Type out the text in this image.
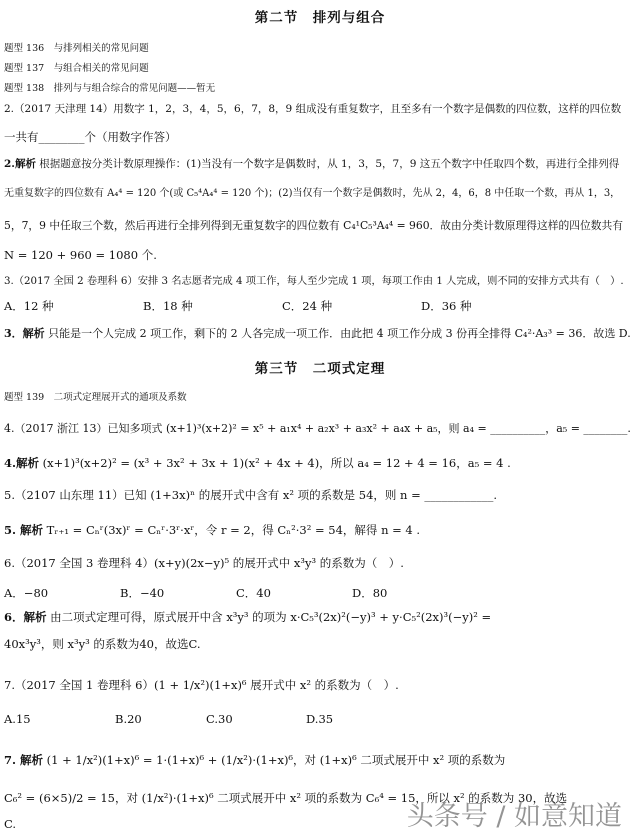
第二节　排列与组合
题型 136　与排列相关的常见问题
题型 137　与组合相关的常见问题
题型 138　排列与与组合综合的常见问题——暂无
2.（2017 天津理 14）用数字 1，2，3，4，5，6，7，8，9 组成没有重复数字，且至多有一个数字是偶数的四位数，这样的四位数
一共有________个（用数字作答）
2.解析 根据题意按分类计数原理操作：(1)当没有一个数字是偶数时，从 1，3，5，7，9 这五个数字中任取四个数，再进行全排列得
无重复数字的四位数有 A₄⁴ = 120 个(或 C₅⁴A₄⁴ = 120 个)；(2)当仅有一个数字是偶数时，先从 2，4，6，8 中任取一个数，再从 1，3，
5，7，9 中任取三个数，然后再进行全排列得到无重复数字的四位数有 C₄¹C₅³A₄⁴ = 960．故由分类计数原理得这样的四位数共有
N = 120 + 960 = 1080 个.
3.（2017 全国 2 卷理科 6）安排 3 名志愿者完成 4 项工作，每人至少完成 1 项，每项工作由 1 人完成，则不同的安排方式共有（　）.
A．12 种	B．18 种	C．24 种	D．36 种
3．解析 只能是一个人完成 2 项工作，剩下的 2 人各完成一项工作．由此把 4 项工作分成 3 份再全排得 C₄²·A₃³ = 36．故选 D.
第三节　二项式定理
题型 139　二项式定理展开式的通项及系数
4.（2017 浙江 13）已知多项式 (x+1)³(x+2)² = x⁵ + a₁x⁴ + a₂x³ + a₃x² + a₄x + a₅，则 a₄ = __________，a₅ = ________.
4.解析 (x+1)³(x+2)² = (x³ + 3x² + 3x + 1)(x² + 4x + 4)，所以 a₄ = 12 + 4 = 16，a₅ = 4 .
5.（2107 山东理 11）已知 (1+3x)ⁿ 的展开式中含有 x² 项的系数是 54，则 n = ____________.
5. 解析 Tᵣ₊₁ = Cₙʳ(3x)ʳ = Cₙʳ·3ʳ·xʳ，令 r = 2，得 Cₙ²·3² = 54，解得 n = 4 .
6.（2017 全国 3 卷理科 4）(x+y)(2x−y)⁵ 的展开式中 x³y³ 的系数为（　）.
A．−80	B．−40	C．40	D．80
6．解析 由二项式定理可得，原式展开中含 x³y³ 的项为 x·C₅³(2x)²(−y)³ + y·C₅²(2x)³(−y)² =
40x³y³，则 x³y³ 的系数为40，故选C.
7.（2017 全国 1 卷理科 6）(1 + 1/x²)(1+x)⁶ 展开式中 x² 的系数为（　）.
A.15	B.20	C.30	D.35
7. 解析 (1 + 1/x²)(1+x)⁶ = 1·(1+x)⁶ + (1/x²)·(1+x)⁶，对 (1+x)⁶ 二项式展开中 x² 项的系数为
C₆² = (6×5)/2 = 15，对 (1/x²)·(1+x)⁶ 二项式展开中 x² 项的系数为 C₆⁴ = 15，所以 x² 的系数为 30，故选
C.	头条号 / 如意知道
